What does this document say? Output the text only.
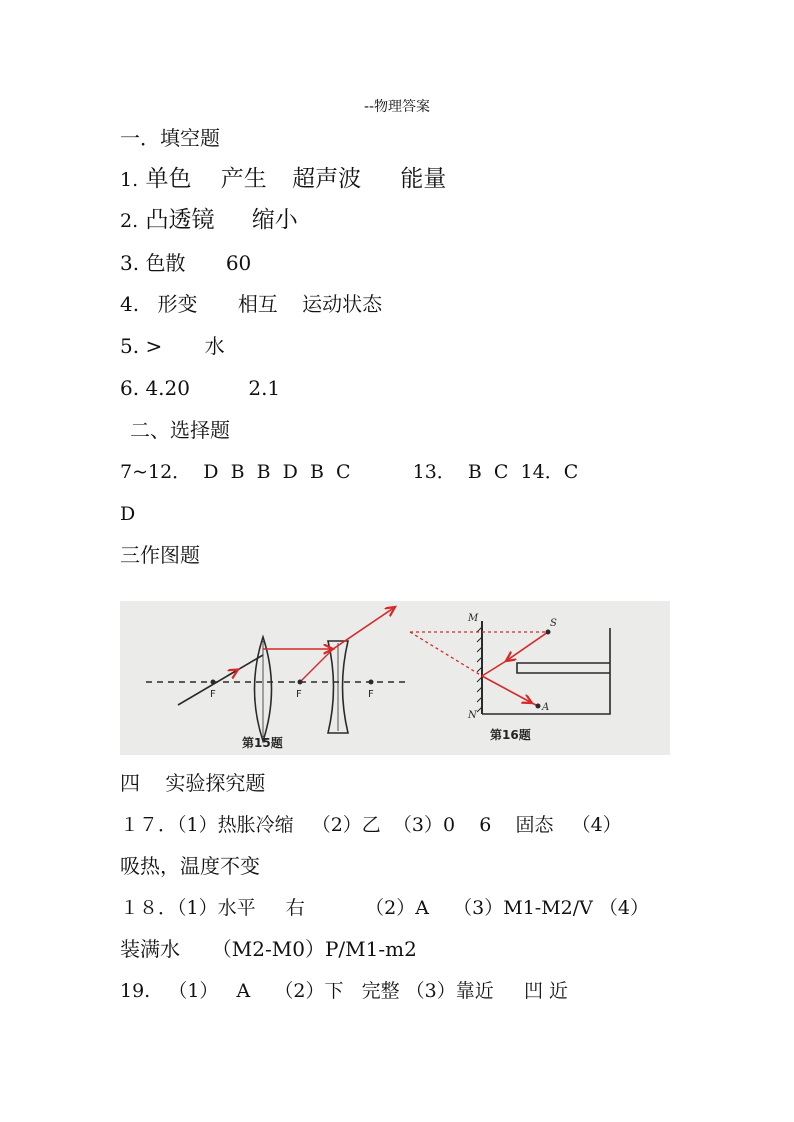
--物理答案
一．填空题
1. 单色 产生 超声波 能量
2. 凸透镜 缩小
3. 色散 60
4. 形变 相互 运动状态
5. > 水
6. 4.20	2.1
二、选择题
7~12．  D  B  B  D  B  C	13．  B  C  14．C
D
三作图题
F	F	F
第15题
M
N
S
A
第16题
四    实验探究题
１７．（1）热胀冷缩   （2）乙  （3）0    6    固态   （4）
吸热，温度不变
１８．（1）水平     右          （2）A    （3）M1-M2/V （4）
装满水     （M2-M0）P/M1-m2
19.   （1）   A    （2）下   完整 （3）靠近     凹 近
